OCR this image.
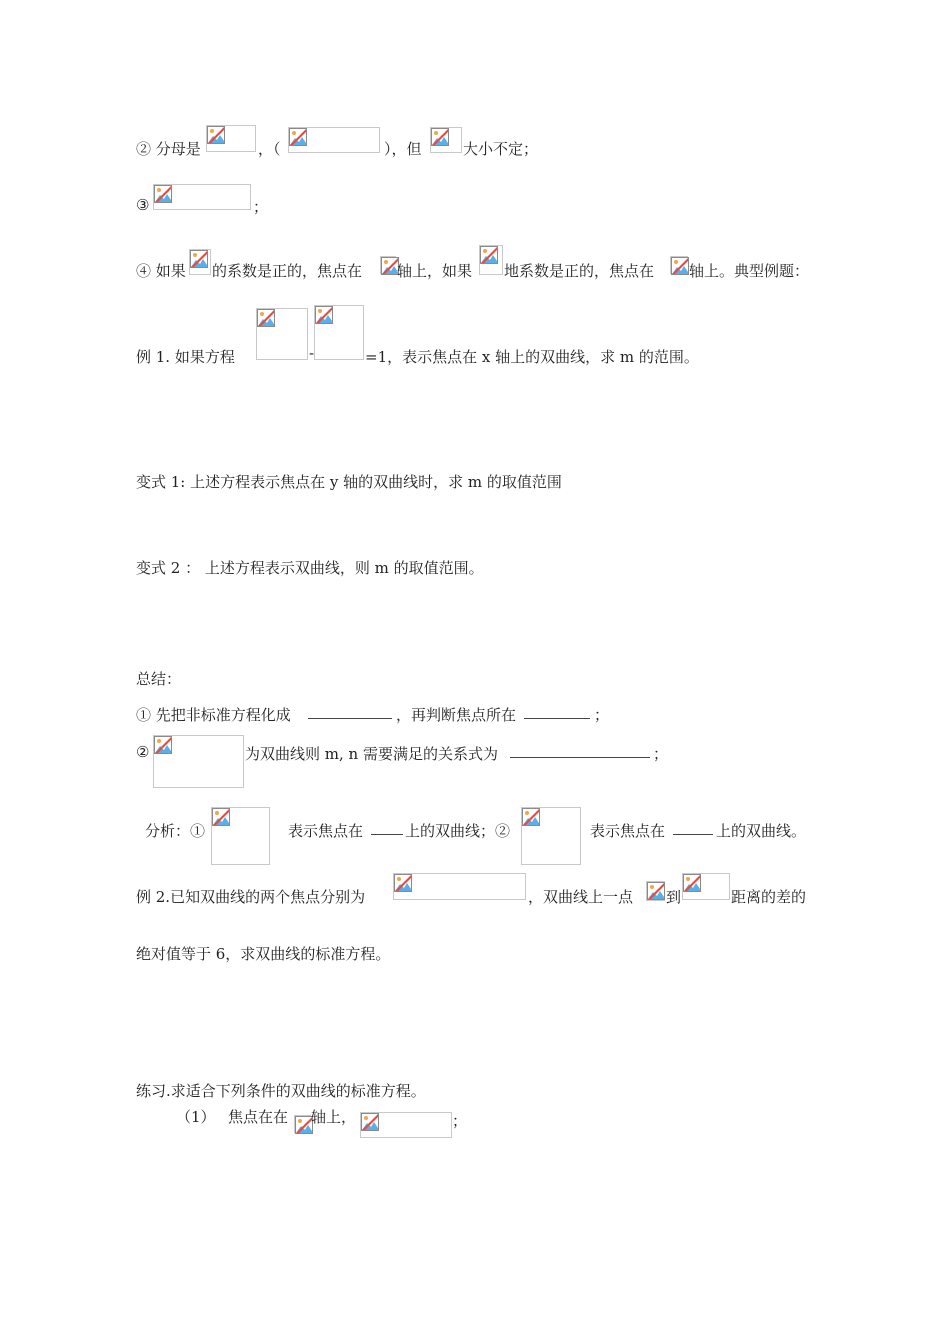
② 分母是	，（	），但	大小不定；
③	；
④ 如果 的系数是正的，焦点在 轴上，如果 地系数是正的，焦点在 轴上。典型例题：
例 1. 如果方程	-	=1，表示焦点在 x 轴上的双曲线，求 m 的范围。
变式 1: 上述方程表示焦点在 y 轴的双曲线时，求 m 的取值范围
变式 2 ： 上述方程表示双曲线，则 m 的取值范围。
总结：
① 先把非标准方程化成	，再判断焦点所在	；
②	为双曲线则 m, n 需要满足的关系式为	；
分析：①	表示焦点在	上的双曲线；②	表示焦点在	上的双曲线。
例 2.已知双曲线的两个焦点分别为	，双曲线上一点 到	距离的差的
绝对值等于 6，求双曲线的标准方程。
练习.求适合下列条件的双曲线的标准方程。
（1） 焦点在在 轴上，	；
